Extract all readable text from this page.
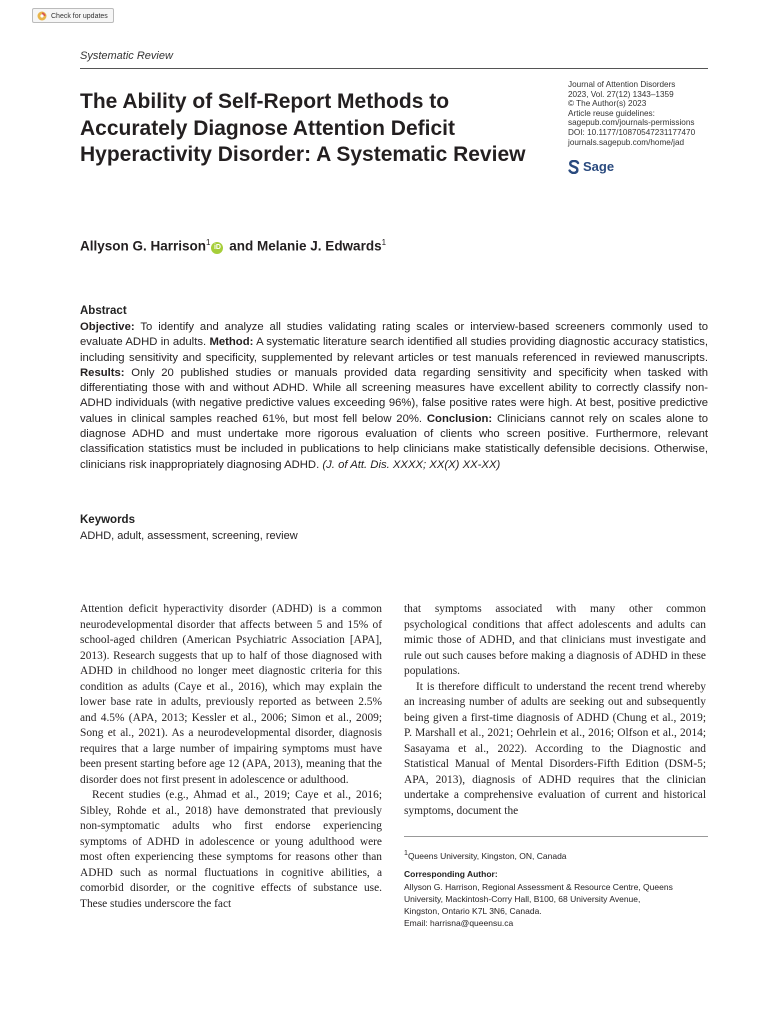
Check for updates
Systematic Review
The Ability of Self-Report Methods to Accurately Diagnose Attention Deficit Hyperactivity Disorder: A Systematic Review
Journal of Attention Disorders
2023, Vol. 27(12) 1343–1359
© The Author(s) 2023
Article reuse guidelines:
sagepub.com/journals-permissions
DOI: 10.1177/10870547231177470
journals.sagepub.com/home/jad
Sage
Allyson G. Harrison$^1$ iD and Melanie J. Edwards$^1$
Abstract
Objective: To identify and analyze all studies validating rating scales or interview-based screeners commonly used to evaluate ADHD in adults. Method: A systematic literature search identified all studies providing diagnostic accuracy statistics, including sensitivity and specificity, supplemented by relevant articles or test manuals referenced in reviewed manuscripts. Results: Only 20 published studies or manuals provided data regarding sensitivity and specificity when tasked with differentiating those with and without ADHD. While all screening measures have excellent ability to correctly classify non-ADHD individuals (with negative predictive values exceeding 96%), false positive rates were high. At best, positive predictive values in clinical samples reached 61%, but most fell below 20%. Conclusion: Clinicians cannot rely on scales alone to diagnose ADHD and must undertake more rigorous evaluation of clients who screen positive. Furthermore, relevant classification statistics must be included in publications to help clinicians make statistically defensible decisions. Otherwise, clinicians risk inappropriately diagnosing ADHD. (J. of Att. Dis. XXXX; XX(X) XX-XX)
Keywords
ADHD, adult, assessment, screening, review

Attention deficit hyperactivity disorder (ADHD) is a common neurodevelopmental disorder that affects between 5 and 15% of school-aged children (American Psychiatric Association [APA], 2013). Research suggests that up to half of those diagnosed with ADHD in childhood no longer meet diagnostic criteria for this condition as adults (Caye et al., 2016), which may explain the lower base rate in adults, previously reported as between 2.5% and 4.5% (APA, 2013; Kessler et al., 2006; Simon et al., 2009; Song et al., 2021). As a neurodevelopmental disorder, diagnosis requires that a large number of impairing symptoms must have been present starting before age 12 (APA, 2013), meaning that the disorder does not first present in adolescence or adulthood.

Recent studies (e.g., Ahmad et al., 2019; Caye et al., 2016; Sibley, Rohde et al., 2018) have demonstrated that previously non-symptomatic adults who first endorse experiencing symptoms of ADHD in adolescence or young adulthood were most often experiencing these symptoms for reasons other than ADHD such as normal fluctuations in cognitive abilities, a comorbid disorder, or the cognitive effects of substance use. These studies underscore the fact

that symptoms associated with many other common psychological conditions that affect adolescents and adults can mimic those of ADHD, and that clinicians must investigate and rule out such causes before making a diagnosis of ADHD in these populations.

It is therefore difficult to understand the recent trend whereby an increasing number of adults are seeking out and subsequently being given a first-time diagnosis of ADHD (Chung et al., 2019; P. Marshall et al., 2021; Oehrlein et al., 2016; Olfson et al., 2014; Sasayama et al., 2022). According to the Diagnostic and Statistical Manual of Mental Disorders-Fifth Edition (DSM-5; APA, 2013), diagnosis of ADHD requires that the clinician undertake a comprehensive evaluation of current and historical symptoms, document the

$^1$Queens University, Kingston, ON, Canada
Corresponding Author:
Allyson G. Harrison, Regional Assessment & Resource Centre, Queens
University, Mackintosh-Corry Hall, B100, 68 University Avenue,
Kingston, Ontario K7L 3N6, Canada.
Email: harrisna@queensu.ca
